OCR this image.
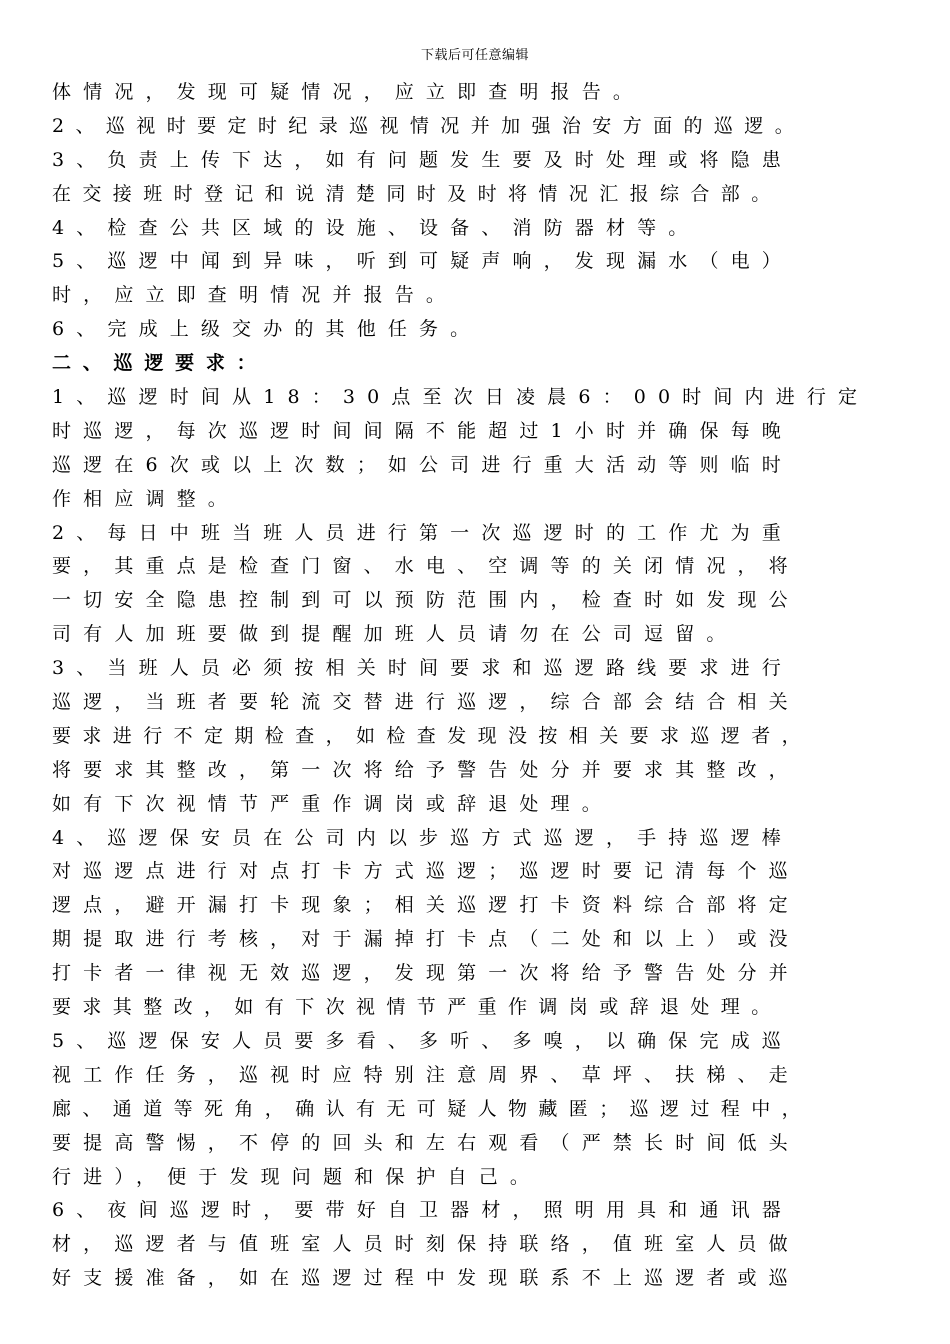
下载后可任意编辑
体情况，发现可疑情况，应立即查明报告。
2、巡视时要定时纪录巡视情况并加强治安方面的巡逻。
3、负责上传下达，如有问题发生要及时处理或将隐患
在交接班时登记和说清楚同时及时将情况汇报综合部。
4、检查公共区域的设施、设备、消防器材等。
5、巡逻中闻到异味，听到可疑声响，发现漏水（电）
时，应立即查明情况并报告。
6、完成上级交办的其他任务。
二、巡逻要求：
1、巡逻时间从18：30点至次日凌晨6：00时间内进行定
时巡逻，每次巡逻时间间隔不能超过1小时并确保每晚
巡逻在6次或以上次数；如公司进行重大活动等则临时
作相应调整。
2、每日中班当班人员进行第一次巡逻时的工作尤为重
要，其重点是检查门窗、水电、空调等的关闭情况，将
一切安全隐患控制到可以预防范围内，检查时如发现公
司有人加班要做到提醒加班人员请勿在公司逗留。
3、当班人员必须按相关时间要求和巡逻路线要求进行
巡逻，当班者要轮流交替进行巡逻，综合部会结合相关
要求进行不定期检查，如检查发现没按相关要求巡逻者，
将要求其整改，第一次将给予警告处分并要求其整改，
如有下次视情节严重作调岗或辞退处理。
4、巡逻保安员在公司内以步巡方式巡逻，手持巡逻棒
对巡逻点进行对点打卡方式巡逻；巡逻时要记清每个巡
逻点，避开漏打卡现象；相关巡逻打卡资料综合部将定
期提取进行考核，对于漏掉打卡点（二处和以上）或没
打卡者一律视无效巡逻，发现第一次将给予警告处分并
要求其整改，如有下次视情节严重作调岗或辞退处理。
5、巡逻保安人员要多看、多听、多嗅，以确保完成巡
视工作任务，巡视时应特别注意周界、草坪、扶梯、走
廊、通道等死角，确认有无可疑人物藏匿；巡逻过程中，
要提高警惕，不停的回头和左右观看（严禁长时间低头
行进），便于发现问题和保护自己。
6、夜间巡逻时，要带好自卫器材，照明用具和通讯器
材，巡逻者与值班室人员时刻保持联络，值班室人员做
好支援准备，如在巡逻过程中发现联系不上巡逻者或巡
